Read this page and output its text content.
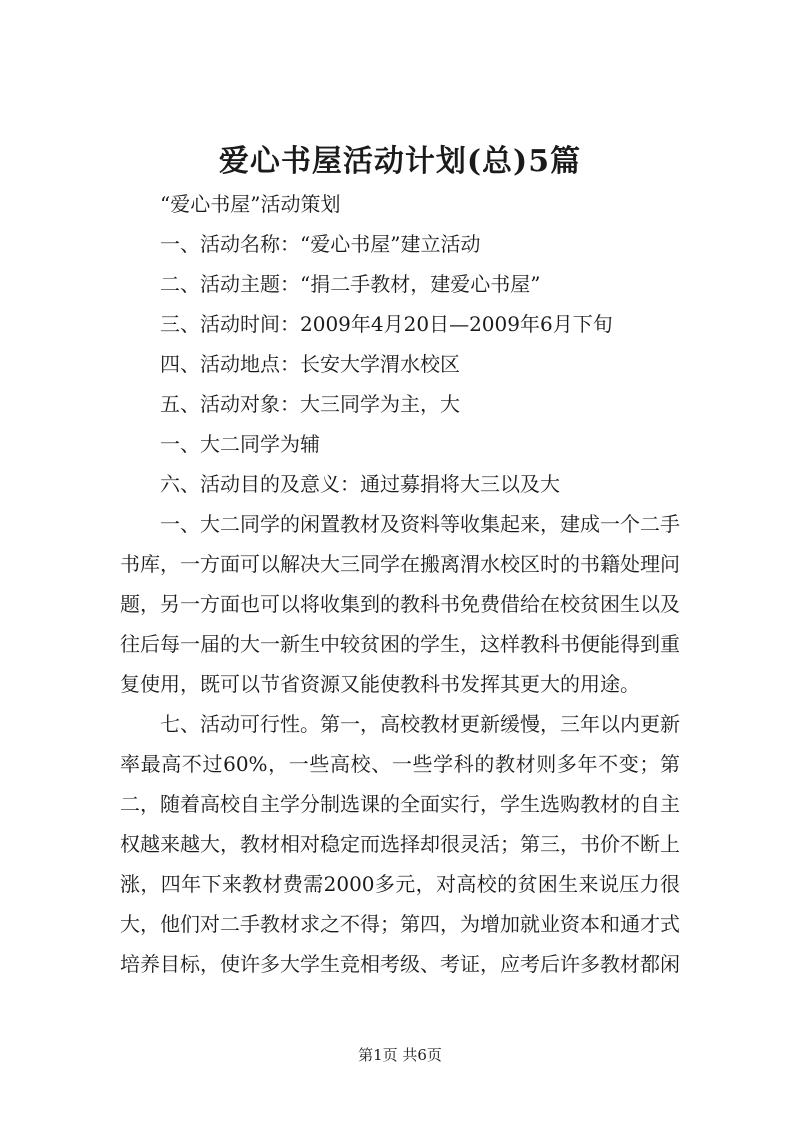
爱心书屋活动计划(总)5篇

“爱心书屋”活动策划

一、活动名称：“爱心书屋”建立活动

二、活动主题：“捐二手教材，建爱心书屋”

三、活动时间：2009年4月20日—2009年6月下旬

四、活动地点：长安大学渭水校区

五、活动对象：大三同学为主，大

一、大二同学为辅

六、活动目的及意义：通过募捐将大三以及大

一、大二同学的闲置教材及资料等收集起来，建成一个二手书库，一方面可以解决大三同学在搬离渭水校区时的书籍处理问题，另一方面也可以将收集到的教科书免费借给在校贫困生以及往后每一届的大一新生中较贫困的学生，这样教科书便能得到重复使用，既可以节省资源又能使教科书发挥其更大的用途。

七、活动可行性。第一，高校教材更新缓慢，三年以内更新率最高不过60%，一些高校、一些学科的教材则多年不变；第二，随着高校自主学分制选课的全面实行，学生选购教材的自主权越来越大，教材相对稳定而选择却很灵活；第三，书价不断上涨，四年下来教材费需2000多元，对高校的贫困生来说压力很大，他们对二手教材求之不得；第四，为增加就业资本和通才式培养目标，使许多大学生竞相考级、考证，应考后许多教材都闲

第1页 共6页
